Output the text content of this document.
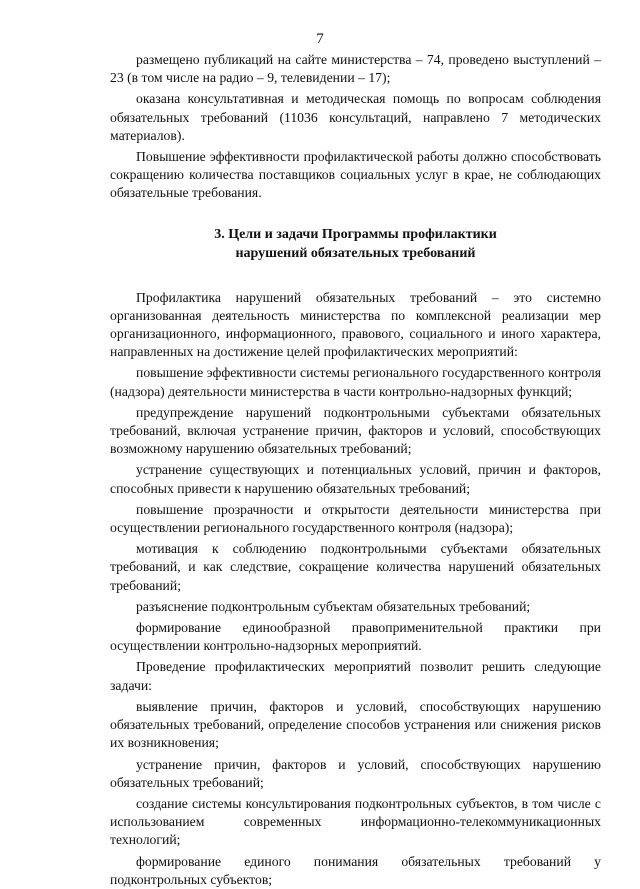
7

размещено публикаций на сайте министерства – 74, проведено выступлений – 23 (в том числе на радио – 9, телевидении – 17);

оказана консультативная и методическая помощь по вопросам соблюдения обязательных требований (11036 консультаций, направлено 7 методических материалов).

Повышение эффективности профилактической работы должно способствовать сокращению количества поставщиков социальных услуг в крае, не соблюдающих обязательные требования.

3. Цели и задачи Программы профилактики
нарушений обязательных требований

Профилактика нарушений обязательных требований – это системно организованная деятельность министерства по комплексной реализации мер организационного, информационного, правового, социального и иного характера, направленных на достижение целей профилактических мероприятий:

повышение эффективности системы регионального государственного контроля (надзора) деятельности министерства в части контрольно-надзорных функций;

предупреждение нарушений подконтрольными субъектами обязательных требований, включая устранение причин, факторов и условий, способствующих возможному нарушению обязательных требований;

устранение существующих и потенциальных условий, причин и факторов, способных привести к нарушению обязательных требований;

повышение прозрачности и открытости деятельности министерства при осуществлении регионального государственного контроля (надзора);

мотивация к соблюдению подконтрольными субъектами обязательных требований, и как следствие, сокращение количества нарушений обязательных требований;

разъяснение подконтрольным субъектам обязательных требований;

формирование единообразной правоприменительной практики при осуществлении контрольно-надзорных мероприятий.

Проведение профилактических мероприятий позволит решить следующие задачи:

выявление причин, факторов и условий, способствующих нарушению обязательных требований, определение способов устранения или снижения рисков их возникновения;

устранение причин, факторов и условий, способствующих нарушению обязательных требований;

создание системы консультирования подконтрольных субъектов, в том числе с использованием современных информационно-телекоммуникационных технологий;

формирование единого понимания обязательных требований у подконтрольных субъектов;
